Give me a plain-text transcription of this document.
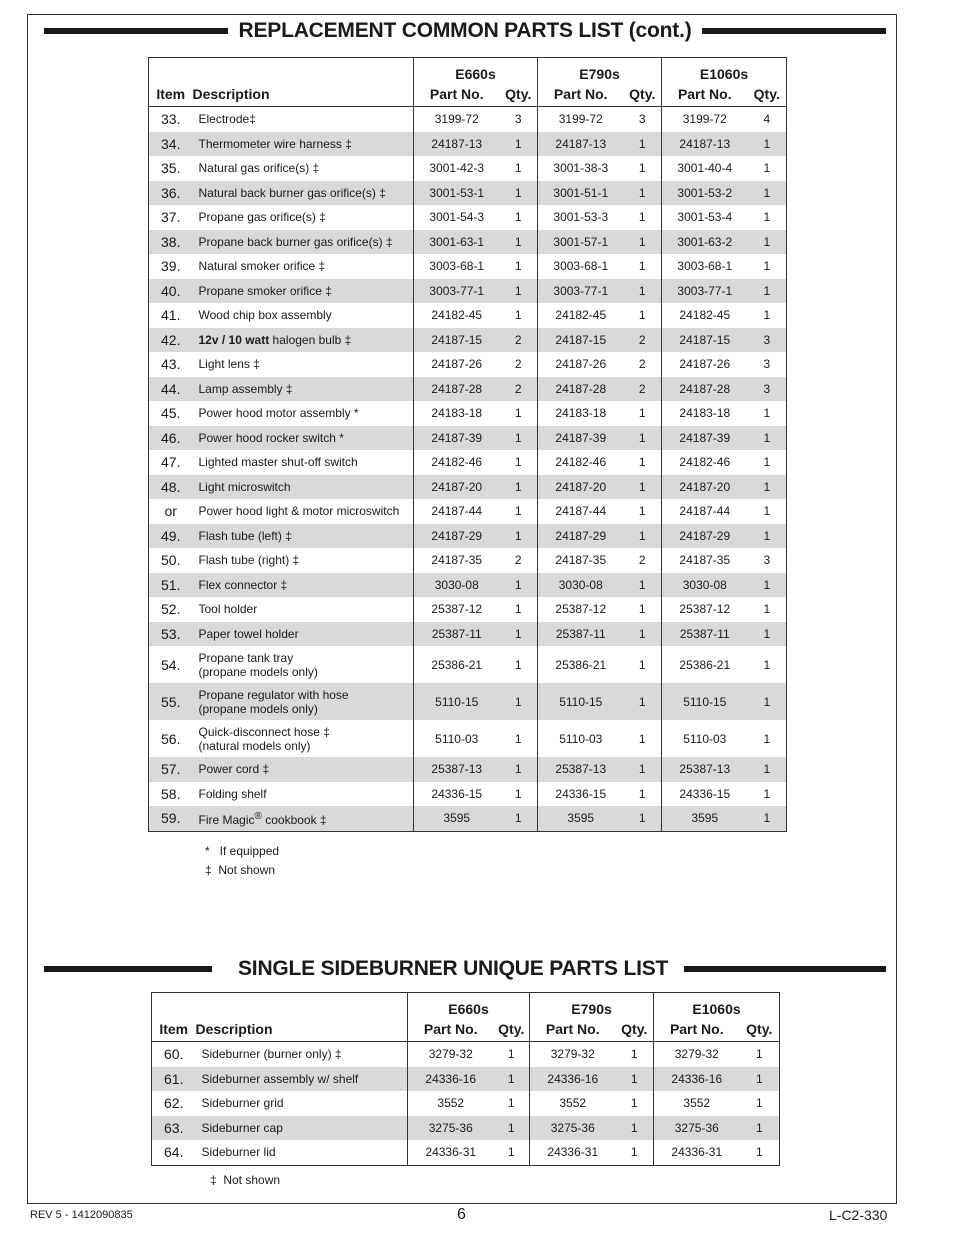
REPLACEMENT COMMON PARTS LIST (cont.)
		E660s		E790s		E1060s	
Item	Description	Part No.	Qty.	Part No.	Qty.	Part No.	Qty.
33.	Electrode‡	3199-72	3	3199-72	3	3199-72	4
34.	Thermometer wire harness ‡	24187-13	1	24187-13	1	24187-13	1
35.	Natural gas orifice(s) ‡	3001-42-3	1	3001-38-3	1	3001-40-4	1
36.	Natural back burner gas orifice(s) ‡	3001-53-1	1	3001-51-1	1	3001-53-2	1
37.	Propane gas orifice(s) ‡	3001-54-3	1	3001-53-3	1	3001-53-4	1
38.	Propane back burner gas orifice(s) ‡	3001-63-1	1	3001-57-1	1	3001-63-2	1
39.	Natural smoker orifice ‡	3003-68-1	1	3003-68-1	1	3003-68-1	1
40.	Propane smoker orifice ‡	3003-77-1	1	3003-77-1	1	3003-77-1	1
41.	Wood chip box assembly	24182-45	1	24182-45	1	24182-45	1
42.	12v / 10 watt halogen bulb ‡	24187-15	2	24187-15	2	24187-15	3
43.	Light lens ‡	24187-26	2	24187-26	2	24187-26	3
44.	Lamp assembly ‡	24187-28	2	24187-28	2	24187-28	3
45.	Power hood motor assembly *	24183-18	1	24183-18	1	24183-18	1
46.	Power hood rocker switch *	24187-39	1	24187-39	1	24187-39	1
47.	Lighted master shut-off switch	24182-46	1	24182-46	1	24182-46	1
48.	Light microswitch	24187-20	1	24187-20	1	24187-20	1
or	Power hood light & motor microswitch	24187-44	1	24187-44	1	24187-44	1
49.	Flash tube (left) ‡	24187-29	1	24187-29	1	24187-29	1
50.	Flash tube (right) ‡	24187-35	2	24187-35	2	24187-35	3
51.	Flex connector ‡	3030-08	1	3030-08	1	3030-08	1
52.	Tool holder	25387-12	1	25387-12	1	25387-12	1
53.	Paper towel holder	25387-11	1	25387-11	1	25387-11	1
54.	Propane tank tray
(propane models only)	25386-21	1	25386-21	1	25386-21	1
55.	Propane regulator with hose
(propane models only)	5110-15	1	5110-15	1	5110-15	1
56.	Quick-disconnect hose ‡
(natural models only)	5110-03	1	5110-03	1	5110-03	1
57.	Power cord ‡	25387-13	1	25387-13	1	25387-13	1
58.	Folding shelf	24336-15	1	24336-15	1	24336-15	1
59.	Fire Magic® cookbook ‡	3595	1	3595	1	3595	1
*   If equipped
‡  Not shown
SINGLE SIDEBURNER UNIQUE PARTS LIST
		E660s		E790s		E1060s	
Item	Description	Part No.	Qty.	Part No.	Qty.	Part No.	Qty.
60.	Sideburner (burner only) ‡	3279-32	1	3279-32	1	3279-32	1
61.	Sideburner assembly w/ shelf	24336-16	1	24336-16	1	24336-16	1
62.	Sideburner grid	3552	1	3552	1	3552	1
63.	Sideburner cap	3275-36	1	3275-36	1	3275-36	1
64.	Sideburner lid	24336-31	1	24336-31	1	24336-31	1
‡  Not shown
REV 5 - 1412090835	6	L-C2-330
